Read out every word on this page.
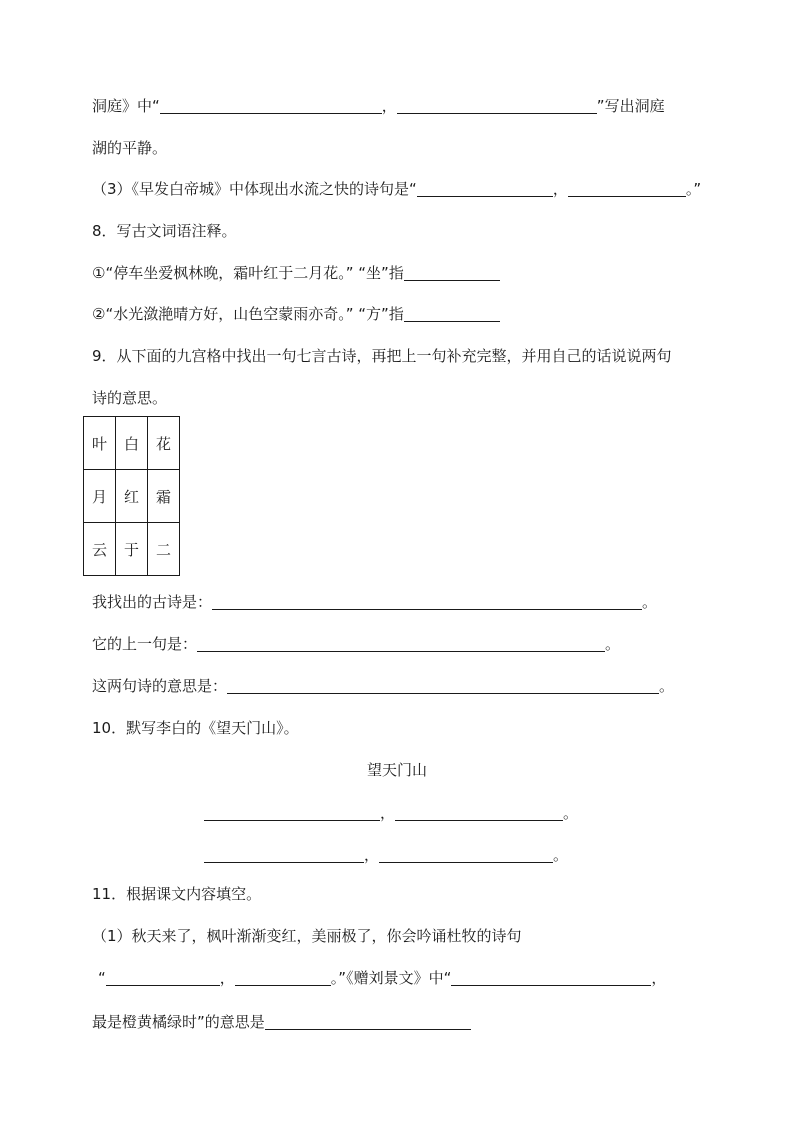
洞庭》中“	，	”写出洞庭
湖的平静。
（3）《早发白帝城》中体现出水流之快的诗句是“	，	。”
8．写古文词语注释。
①“停车坐爱枫林晚，霜叶红于二月花。” “坐”指
②“水光潋滟晴方好，山色空蒙雨亦奇。” “方”指
9．从下面的九宫格中找出一句七言古诗，再把上一句补充完整，并用自己的话说说两句
诗的意思。
叶	白	花
月	红	霜
云	于	二
我找出的古诗是：	。
它的上一句是：	。
这两句诗的意思是：	。
10．默写李白的《望天门山》。
望天门山
，	。
，	。
11．根据课文内容填空。
（1）秋天来了，枫叶渐渐变红，美丽极了，你会吟诵杜牧的诗句
“	，	。”《赠刘景文》中“	，
最是橙黄橘绿时”的意思是
